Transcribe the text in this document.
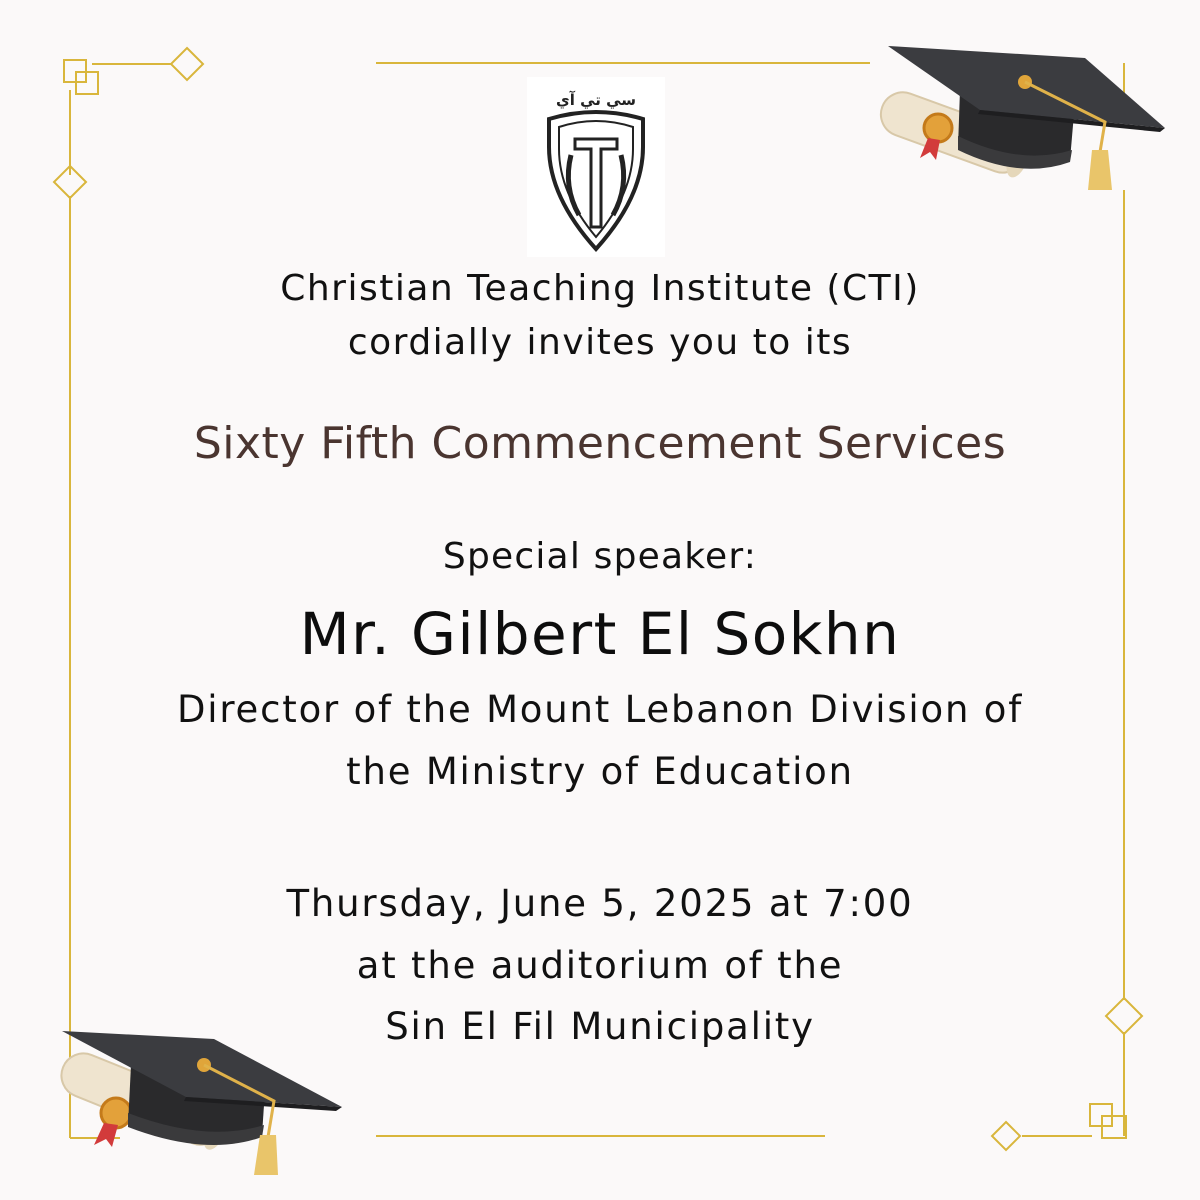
سي تي آي
Christian Teaching Institute (CTI)
cordially invites you to its
Sixty Fifth Commencement Services
Special speaker:
Mr. Gilbert El Sokhn
Director of the Mount Lebanon Division of
the Ministry of Education
Thursday, June 5, 2025 at 7:00
at the auditorium of the
Sin El Fil Municipality
